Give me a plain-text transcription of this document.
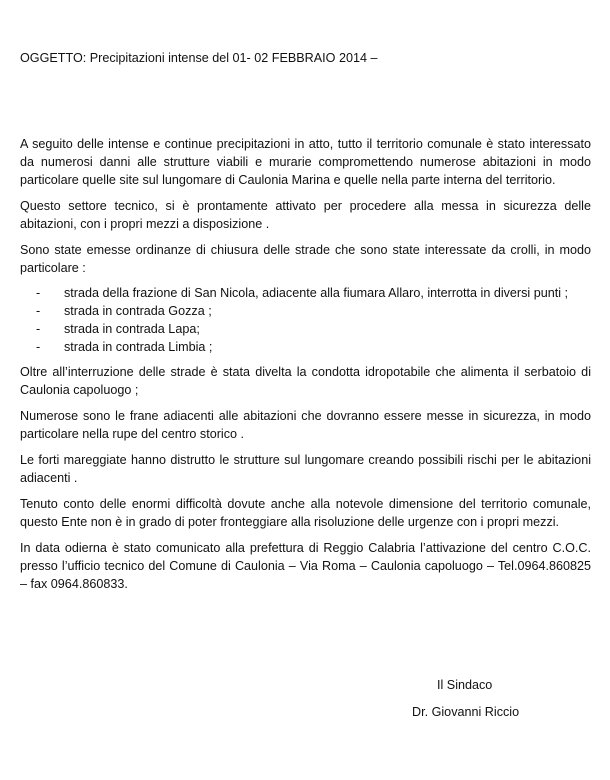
OGGETTO: Precipitazioni intense del 01- 02 FEBBRAIO 2014 –

A seguito delle intense e continue precipitazioni in atto, tutto il territorio comunale è stato interessato da numerosi danni alle strutture viabili e murarie compromettendo numerose abitazioni in modo particolare quelle site sul lungomare di Caulonia Marina e quelle nella parte interna del territorio.

Questo settore tecnico, si è prontamente attivato per procedere alla messa in sicurezza delle abitazioni, con i propri mezzi a disposizione .

Sono state emesse ordinanze di chiusura delle strade che sono state interessate da crolli, in modo particolare :

- strada della frazione di San Nicola, adiacente alla fiumara Allaro, interrotta in diversi punti ;
- strada in contrada Gozza ;
- strada in contrada Lapa;
- strada in contrada Limbia ;

Oltre all’interruzione delle strade è stata divelta la condotta idropotabile che alimenta il serbatoio di Caulonia capoluogo ;

Numerose sono le frane adiacenti alle abitazioni che dovranno essere messe in sicurezza, in modo particolare nella rupe del centro storico .

Le forti mareggiate hanno distrutto le strutture sul lungomare creando possibili rischi per le abitazioni adiacenti .

Tenuto conto delle enormi difficoltà dovute anche alla notevole dimensione del territorio comunale, questo Ente non è in grado di poter fronteggiare alla risoluzione delle urgenze con i propri mezzi.

In data odierna è stato comunicato alla prefettura di Reggio Calabria l’attivazione del centro C.O.C. presso l’ufficio tecnico del Comune di Caulonia – Via Roma – Caulonia capoluogo – Tel.0964.860825 – fax 0964.860833.

Il Sindaco
Dr. Giovanni Riccio
